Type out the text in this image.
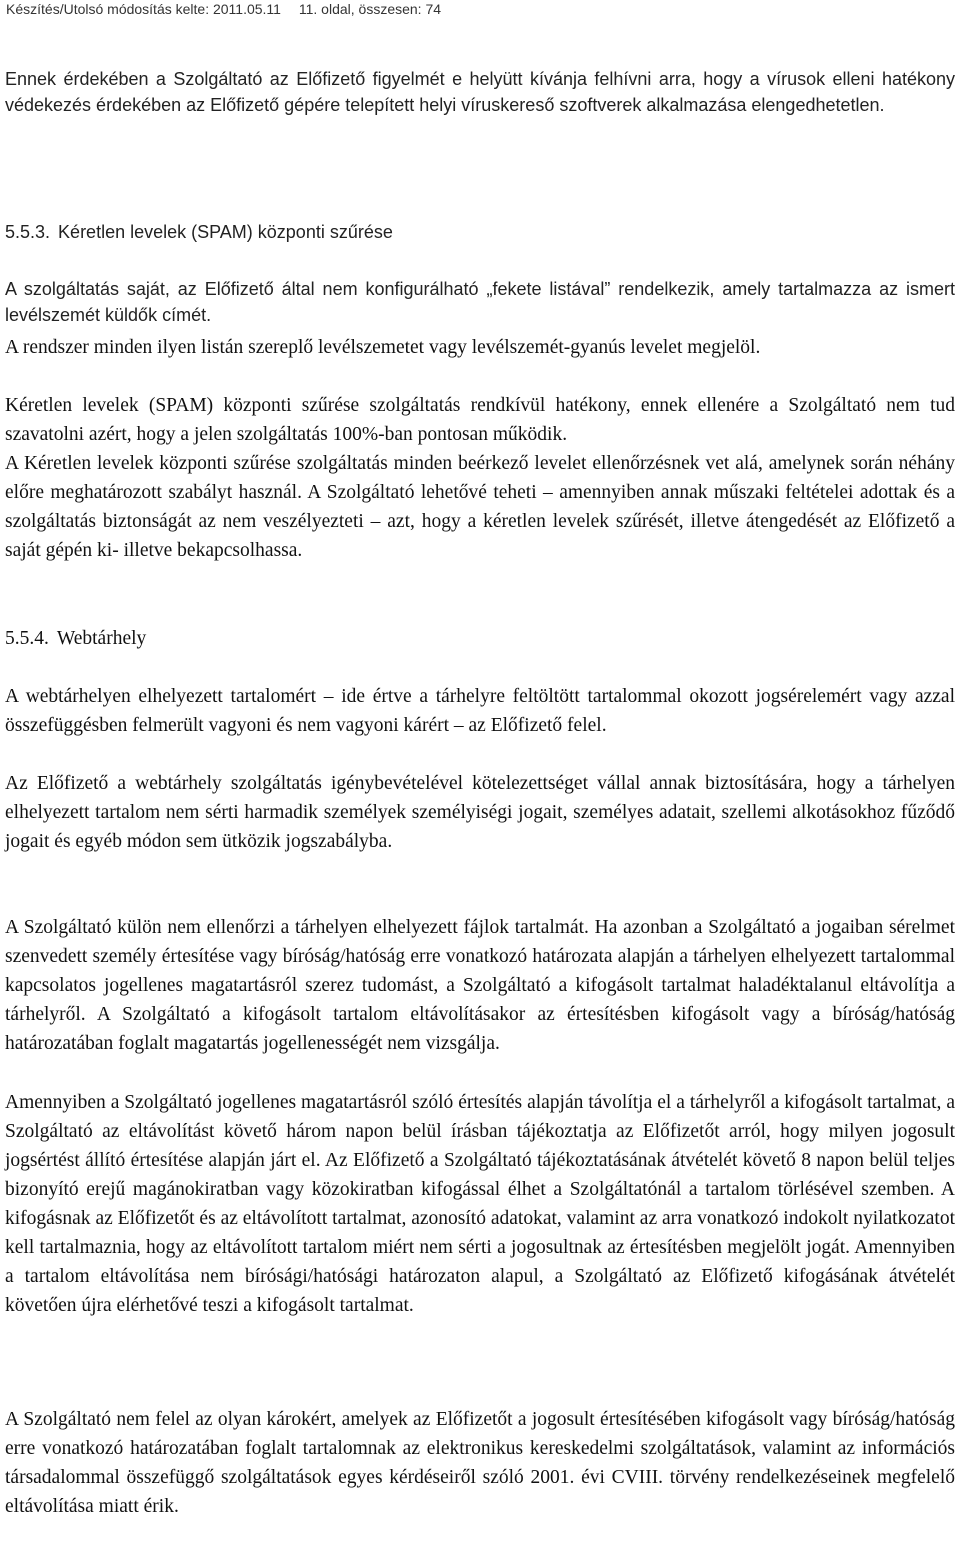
Készítés/Utolsó módosítás kelte: 2011.05.11 11. oldal, összesen: 74

Ennek érdekében a Szolgáltató az Előfizető figyelmét e helyütt kívánja felhívni arra, hogy a vírusok elleni hatékony védekezés érdekében az Előfizető gépére telepített helyi víruskereső szoftverek alkalmazása elengedhetetlen.

5.5.3. Kéretlen levelek (SPAM) központi szűrése

A szolgáltatás saját, az Előfizető által nem konfigurálható „fekete listával” rendelkezik, amely tartalmazza az ismert levélszemét küldők címét.

A rendszer minden ilyen listán szereplő levélszemetet vagy levélszemét-gyanús levelet megjelöl.

Kéretlen levelek (SPAM) központi szűrése szolgáltatás rendkívül hatékony, ennek ellenére a Szolgáltató nem tud szavatolni azért, hogy a jelen szolgáltatás 100%-ban pontosan működik.

A Kéretlen levelek központi szűrése szolgáltatás minden beérkező levelet ellenőrzésnek vet alá, amelynek során néhány előre meghatározott szabályt használ. A Szolgáltató lehetővé teheti – amennyiben annak műszaki feltételei adottak és a szolgáltatás biztonságát az nem veszélyezteti – azt, hogy a kéretlen levelek szűrését, illetve átengedését az Előfizető a saját gépén ki- illetve bekapcsolhassa.

5.5.4. Webtárhely

A webtárhelyen elhelyezett tartalomért – ide értve a tárhelyre feltöltött tartalommal okozott jogsérelemért vagy azzal összefüggésben felmerült vagyoni és nem vagyoni kárért – az Előfizető felel.

Az Előfizető a webtárhely szolgáltatás igénybevételével kötelezettséget vállal annak biztosítására, hogy a tárhelyen elhelyezett tartalom nem sérti harmadik személyek személyiségi jogait, személyes adatait, szellemi alkotásokhoz fűződő jogait és egyéb módon sem ütközik jogszabályba.

A Szolgáltató külön nem ellenőrzi a tárhelyen elhelyezett fájlok tartalmát. Ha azonban a Szolgáltató a jogaiban sérelmet szenvedett személy értesítése vagy bíróság/hatóság erre vonatkozó határozata alapján a tárhelyen elhelyezett tartalommal kapcsolatos jogellenes magatartásról szerez tudomást, a Szolgáltató a kifogásolt tartalmat haladéktalanul eltávolítja a tárhelyről. A Szolgáltató a kifogásolt tartalom eltávolításakor az értesítésben kifogásolt vagy a bíróság/hatóság határozatában foglalt magatartás jogellenességét nem vizsgálja.

Amennyiben a Szolgáltató jogellenes magatartásról szóló értesítés alapján távolítja el a tárhelyről a kifogásolt tartalmat, a Szolgáltató az eltávolítást követő három napon belül írásban tájékoztatja az Előfizetőt arról, hogy milyen jogosult jogsértést állító értesítése alapján járt el. Az Előfizető a Szolgáltató tájékoztatásának átvételét követő 8 napon belül teljes bizonyító erejű magánokiratban vagy közokiratban kifogással élhet a Szolgáltatónál a tartalom törlésével szemben. A kifogásnak az Előfizetőt és az eltávolított tartalmat, azonosító adatokat, valamint az arra vonatkozó indokolt nyilatkozatot kell tartalmaznia, hogy az eltávolított tartalom miért nem sérti a jogosultnak az értesítésben megjelölt jogát. Amennyiben a tartalom eltávolítása nem bírósági/hatósági határozaton alapul, a Szolgáltató az Előfizető kifogásának átvételét követően újra elérhetővé teszi a kifogásolt tartalmat.

A Szolgáltató nem felel az olyan károkért, amelyek az Előfizetőt a jogosult értesítésében kifogásolt vagy bíróság/hatóság erre vonatkozó határozatában foglalt tartalomnak az elektronikus kereskedelmi szolgáltatások, valamint az információs társadalommal összefüggő szolgáltatások egyes kérdéseiről szóló 2001. évi CVIII. törvény rendelkezéseinek megfelelő eltávolítása miatt érik.
